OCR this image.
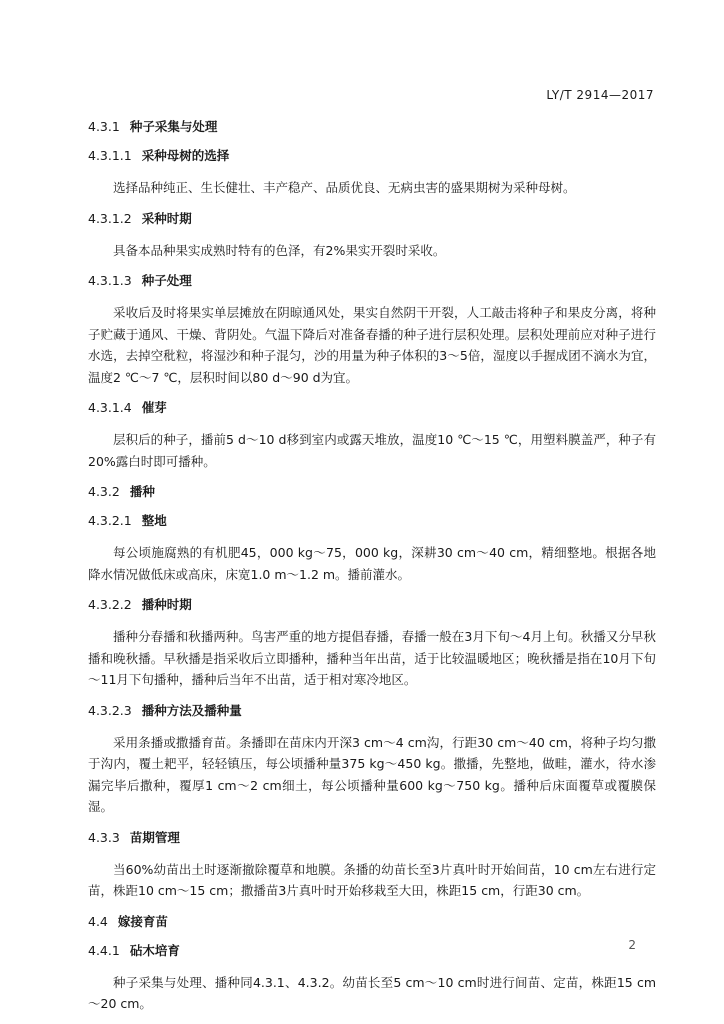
LY/T 2914—2017
4.3.1 种子采集与处理
4.3.1.1 采种母树的选择

选择品种纯正、生长健壮、丰产稳产、品质优良、无病虫害的盛果期树为采种母树。

4.3.1.2 采种时期

具备本品种果实成熟时特有的色泽，有2%果实开裂时采收。

4.3.1.3 种子处理

采收后及时将果实单层摊放在阴晾通风处，果实自然阴干开裂，人工敲击将种子和果皮分离，将种子贮藏于通风、干燥、背阴处。气温下降后对准备春播的种子进行层积处理。层积处理前应对种子进行水选，去掉空秕粒，将湿沙和种子混匀，沙的用量为种子体积的3～5倍，湿度以手握成团不滴水为宜，温度2 ℃～7 ℃，层积时间以80 d～90 d为宜。

4.3.1.4 催芽

层积后的种子，播前5 d～10 d移到室内或露天堆放，温度10 ℃～15 ℃，用塑料膜盖严，种子有20%露白时即可播种。

4.3.2 播种
4.3.2.1 整地

每公顷施腐熟的有机肥45，000 kg～75，000 kg，深耕30 cm～40 cm，精细整地。根据各地降水情况做低床或高床，床宽1.0 m～1.2 m。播前灌水。

4.3.2.2 播种时期

播种分春播和秋播两种。鸟害严重的地方提倡春播，春播一般在3月下旬～4月上旬。秋播又分早秋播和晚秋播。早秋播是指采收后立即播种，播种当年出苗，适于比较温暖地区；晚秋播是指在10月下旬～11月下旬播种，播种后当年不出苗，适于相对寒冷地区。

4.3.2.3 播种方法及播种量

采用条播或撒播育苗。条播即在苗床内开深3 cm～4 cm沟，行距30 cm～40 cm，将种子均匀撒于沟内，覆土耙平，轻轻镇压，每公顷播种量375 kg～450 kg。撒播，先整地，做畦，灌水，待水渗漏完毕后撒种，覆厚1 cm～2 cm细土，每公顷播种量600 kg～750 kg。播种后床面覆草或覆膜保湿。

4.3.3 苗期管理

当60%幼苗出土时逐渐撤除覆草和地膜。条播的幼苗长至3片真叶时开始间苗，10 cm左右进行定苗，株距10 cm～15 cm；撒播苗3片真叶时开始移栽至大田，株距15 cm，行距30 cm。

4.4 嫁接育苗
4.4.1 砧木培育

种子采集与处理、播种同4.3.1、4.3.2。幼苗长至5 cm～10 cm时进行间苗、定苗，株距15 cm～20 cm。

2
